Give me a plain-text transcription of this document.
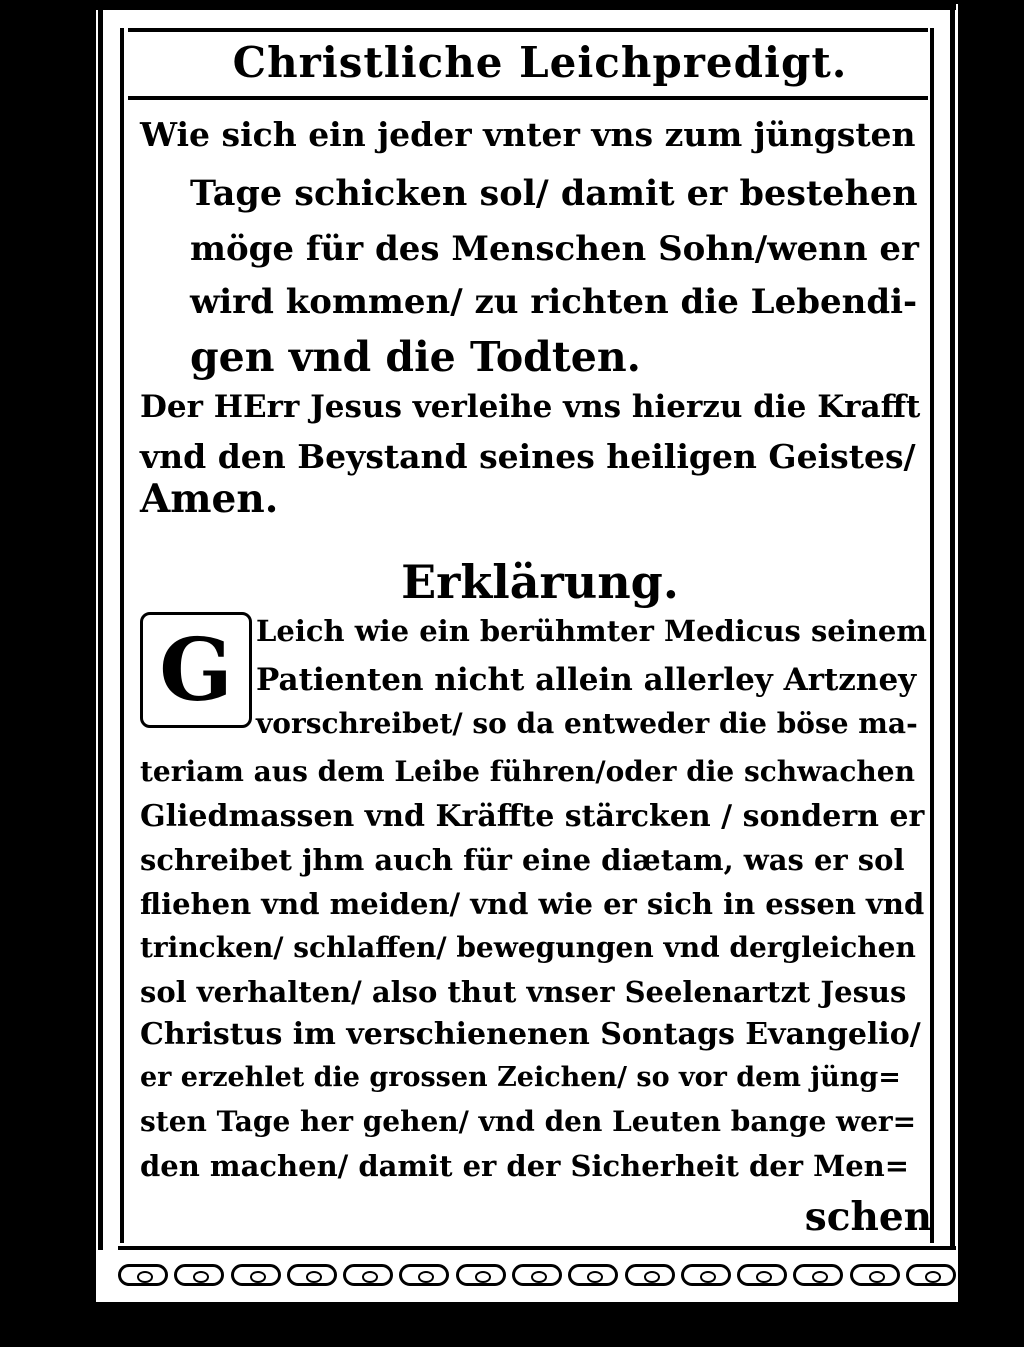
Christliche Leichpredigt.
Wie sich ein jeder vnter vns zum jüngsten
Tage schicken sol/ damit er bestehen
möge für des Menschen Sohn/wenn er
wird kommen/ zu richten die Lebendi-
gen vnd die Todten.
Der HErr Jesus verleihe vns hierzu die Krafft
vnd den Beystand seines heiligen Geistes/
Amen.
Erklärung.
G Leich wie ein berühmter Medicus seinem
Patienten nicht allein allerley Artzney
vorschreibet/ so da entweder die böse ma-
teriam aus dem Leibe führen/oder die schwachen
Gliedmassen vnd Kräffte stärcken / sondern er
schreibet jhm auch für eine diætam, was er sol
fliehen vnd meiden/ vnd wie er sich in essen vnd
trincken/ schlaffen/ bewegungen vnd dergleichen
sol verhalten/ also thut vnser Seelenartzt Jesus
Christus im verschienenen Sontags Evangelio/
er erzehlet die grossen Zeichen/ so vor dem jüng=
sten Tage her gehen/ vnd den Leuten bange wer=
den machen/ damit er der Sicherheit der Men=
schen
